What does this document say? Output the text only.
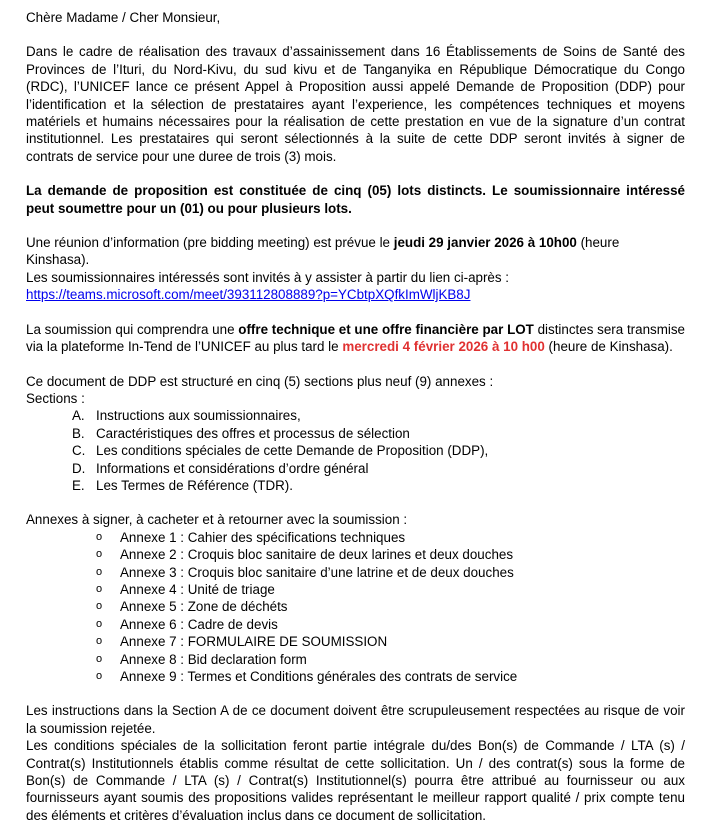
Chère Madame / Cher Monsieur,

Dans le cadre de réalisation des travaux d’assainissement dans 16 Établissements de Soins de Santé des Provinces de l’Ituri, du Nord-Kivu, du sud kivu et de Tanganyika en République Démocratique du Congo (RDC), l’UNICEF lance ce présent Appel à Proposition aussi appelé Demande de Proposition (DDP) pour l’identification et la sélection de prestataires ayant l’experience, les compétences techniques et moyens matériels et humains nécessaires pour la réalisation de cette prestation en vue de la signature d’un contrat institutionnel. Les prestataires qui seront sélectionnés à la suite de cette DDP seront invités à signer de contrats de service pour une duree de trois (3) mois.

La demande de proposition est constituée de cinq (05) lots distincts. Le soumissionnaire intéressé peut soumettre pour un (01) ou pour plusieurs lots.

Une réunion d’information (pre bidding meeting) est prévue le jeudi 29 janvier 2026 à 10h00 (heure Kinshasa).

Les soumissionnaires intéressés sont invités à y assister à partir du lien ci-après :

https://teams.microsoft.com/meet/393112808889?p=YCbtpXQfkImWljKB8J

La soumission qui comprendra une offre technique et une offre financière par LOT distinctes sera transmise via la plateforme In-Tend de l’UNICEF au plus tard le mercredi 4 février 2026 à 10 h00 (heure de Kinshasa).

Ce document de DDP est structuré en cinq (5) sections plus neuf (9) annexes :

Sections :

A. Instructions aux soumissionnaires,
B. Caractéristiques des offres et processus de sélection
C. Les conditions spéciales de cette Demande de Proposition (DDP),
D. Informations et considérations d’ordre général
E. Les Termes de Référence (TDR).

Annexes à signer, à cacheter et à retourner avec la soumission :

o	Annexe 1 : Cahier des spécifications techniques
o	Annexe 2 : Croquis bloc sanitaire de deux larines et deux douches
o	Annexe 3 : Croquis bloc sanitaire d’une latrine et de deux douches
o	Annexe 4 : Unité de triage
o	Annexe 5 : Zone de déchéts
o	Annexe 6 : Cadre de devis
o	Annexe 7 : FORMULAIRE DE SOUMISSION
o	Annexe 8 : Bid declaration form
o	Annexe 9 : Termes et Conditions générales des contrats de service

Les instructions dans la Section A de ce document doivent être scrupuleusement respectées au risque de voir la soumission rejetée.

Les conditions spéciales de la sollicitation feront partie intégrale du/des Bon(s) de Commande / LTA (s) / Contrat(s) Institutionnels établis comme résultat de cette sollicitation. Un / des contrat(s) sous la forme de Bon(s) de Commande / LTA (s) / Contrat(s) Institutionnel(s) pourra être attribué au fournisseur ou aux fournisseurs ayant soumis des propositions valides représentant le meilleur rapport qualité / prix compte tenu des éléments et critères d’évaluation inclus dans ce document de sollicitation.
